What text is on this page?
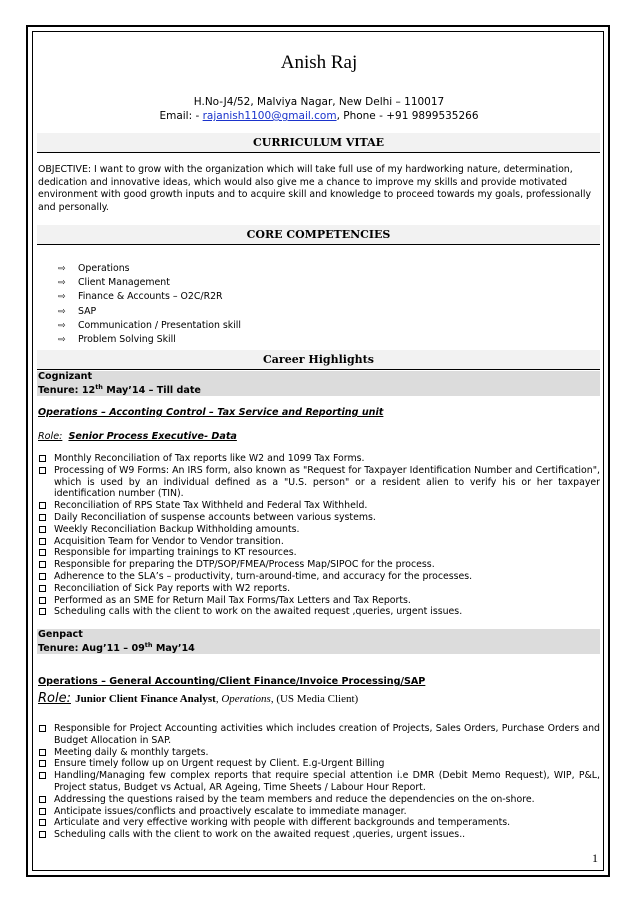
Anish Raj
H.No-J4/52, Malviya Nagar, New Delhi – 110017
Email: - rajanish1100@gmail.com, Phone - +91 9899535266
CURRICULUM VITAE
OBJECTIVE: I want to grow with the organization which will take full use of my hardworking nature, determination, dedication and innovative ideas, which would also give me a chance to improve my skills and provide motivated environment with good growth inputs and to acquire skill and knowledge to proceed towards my goals, professionally and personally.
CORE COMPETENCIES
⇨ Operations
⇨ Client Management
⇨ Finance & Accounts – O2C/R2R
⇨ SAP
⇨ Communication / Presentation skill
⇨ Problem Solving Skill
Career Highlights
Cognizant
Tenure: 12th May’14 – Till date
Operations – Acconting Control – Tax Service and Reporting unit
Role: Senior Process Executive- Data
Monthly Reconciliation of Tax reports like W2 and 1099 Tax Forms.
Processing of W9 Forms: An IRS form, also known as "Request for Taxpayer Identification Number and Certification", which is used by an individual defined as a "U.S. person" or a resident alien to verify his or her taxpayer identification number (TIN).
Reconciliation of RPS State Tax Withheld and Federal Tax Withheld.
Daily Reconciliation of suspense accounts between various systems.
Weekly Reconciliation Backup Withholding amounts.
Acquisition Team for Vendor to Vendor transition.
Responsible for imparting trainings to KT resources.
Responsible for preparing the DTP/SOP/FMEA/Process Map/SIPOC for the process.
Adherence to the SLA’s – productivity, turn-around-time, and accuracy for the processes.
Reconciliation of Sick Pay reports with W2 reports.
Performed as an SME for Return Mail Tax Forms/Tax Letters and Tax Reports.
Scheduling calls with the client to work on the awaited request ,queries, urgent issues.
Genpact
Tenure: Aug’11 – 09th May’14
Operations – General Accounting/Client Finance/Invoice Processing/SAP
Role: Junior Client Finance Analyst, Operations, (US Media Client)
Responsible for Project Accounting activities which includes creation of Projects, Sales Orders, Purchase Orders and Budget Allocation in SAP.
Meeting daily & monthly targets.
Ensure timely follow up on Urgent request by Client. E.g-Urgent Billing
Handling/Managing few complex reports that require special attention i.e DMR (Debit Memo Request), WIP, P&L, Project status, Budget vs Actual, AR Ageing, Time Sheets / Labour Hour Report.
Addressing the questions raised by the team members and reduce the dependencies on the on-shore.
Anticipate issues/conflicts and proactively escalate to immediate manager.
Articulate and very effective working with people with different backgrounds and temperaments.
Scheduling calls with the client to work on the awaited request ,queries, urgent issues..
1
